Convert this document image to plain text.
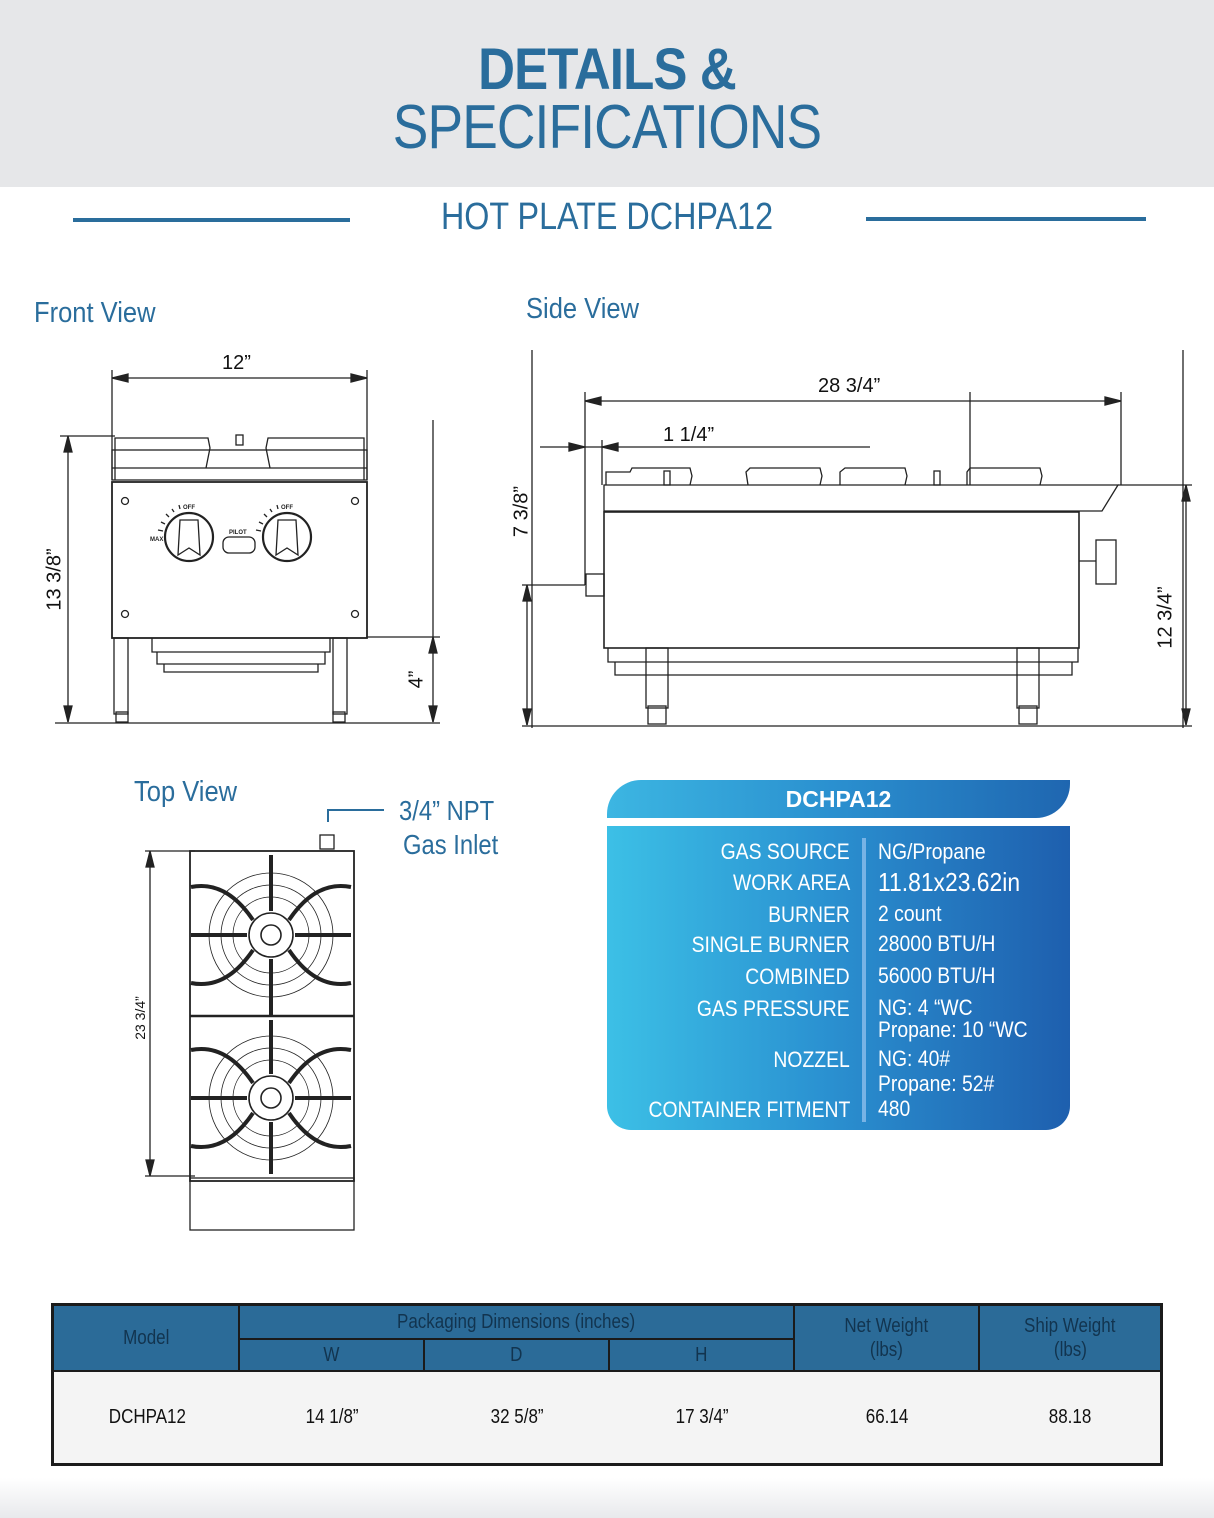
DETAILS &
SPECIFICATIONS
HOT PLATE DCHPA12
Front View
12”
13 3/8”
4”
OFF
MAX
OFF
PILOT
Side View
28 3/4”
1 1/4”
7 3/8”
12 3/4”
Top View
3/4” NPT
Gas Inlet
23 3/4”
DCHPA12
GAS SOURCE NG/Propane
WORK AREA 11.81x23.62in
BURNER 2 count
SINGLE BURNER 28000 BTU/H
COMBINED 56000 BTU/H
GAS PRESSURE NG: 4 “WC
Propane: 10 “WC
NOZZEL NG: 40#
Propane: 52#
CONTAINER FITMENT 480
Model
Packaging Dimensions (inches)
W	D	H
Net Weight
(lbs)
Ship Weight
(lbs)
DCHPA12	14 1/8”	32 5/8”	17 3/4”	66.14	88.18
